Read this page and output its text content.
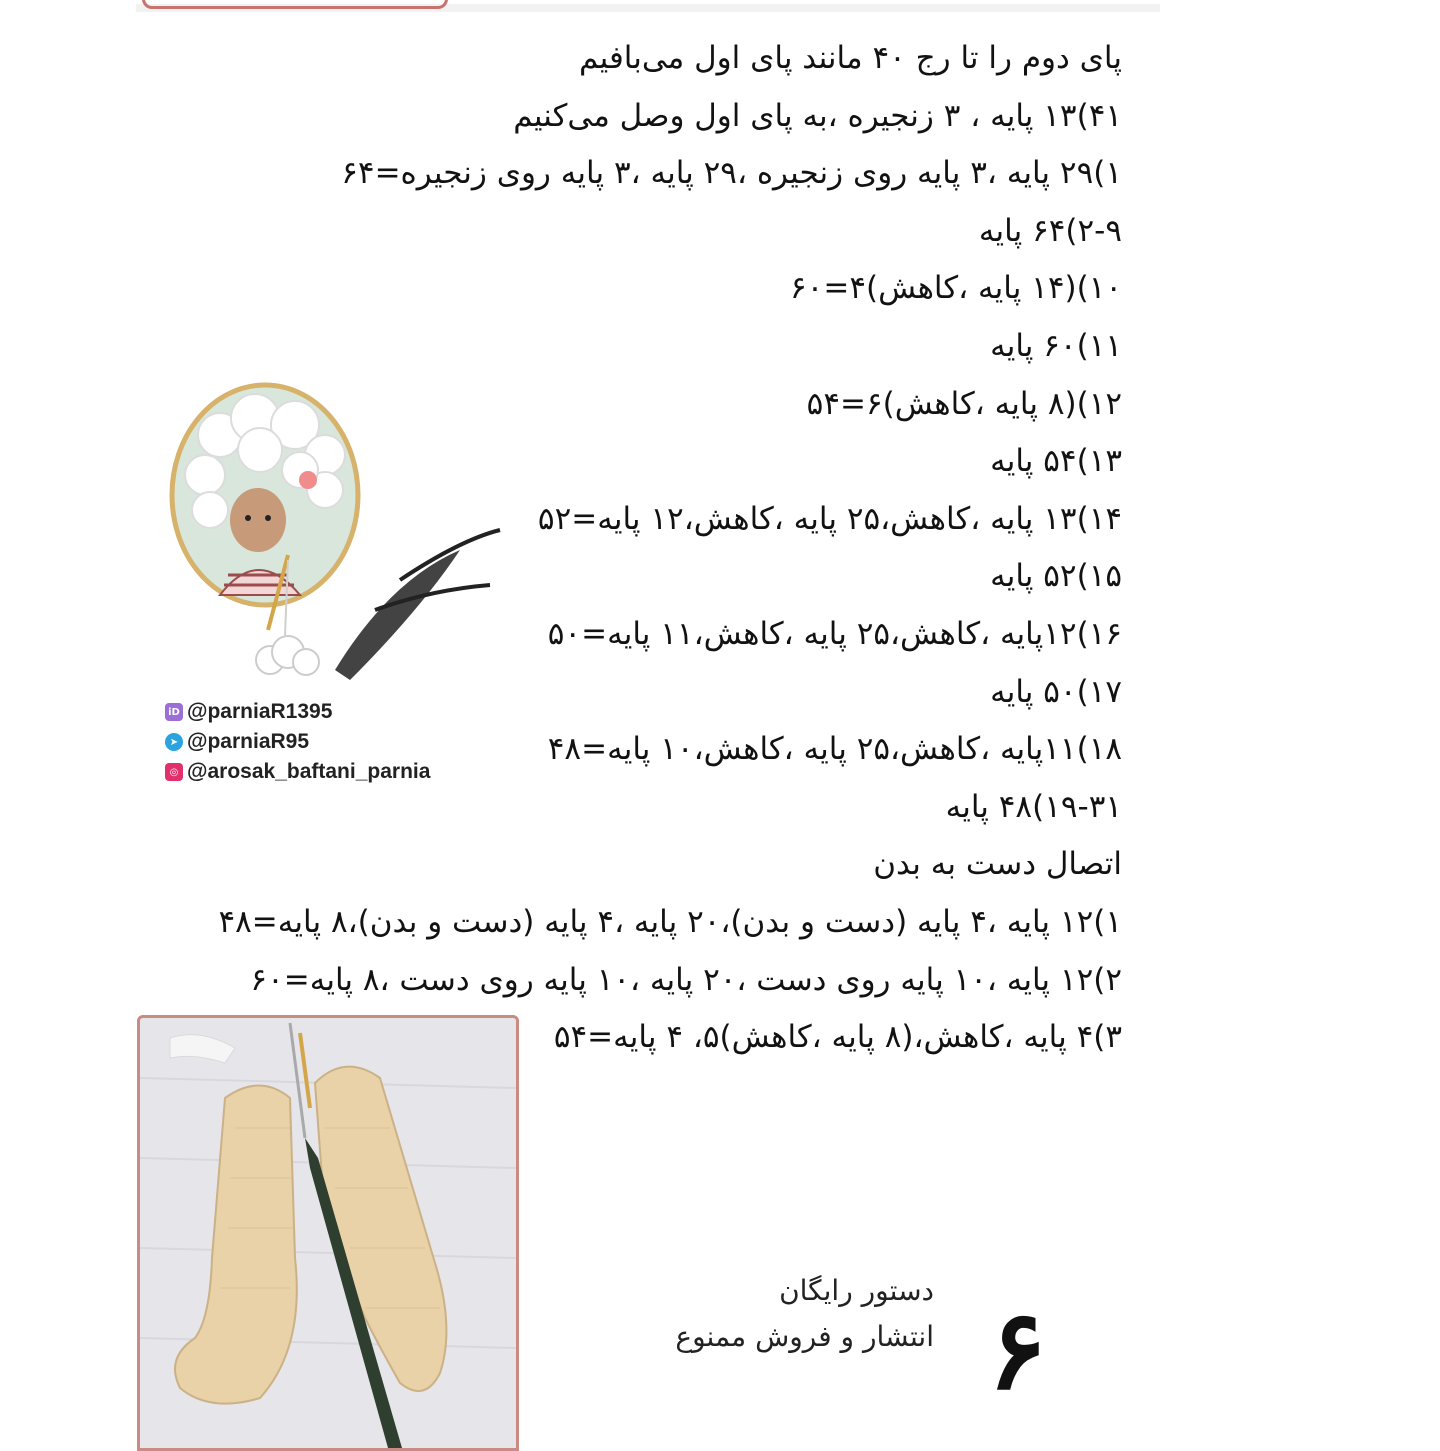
پای دوم را تا رج ۴۰ مانند پای اول می‌بافیم
۴۱)۱۳ پایه ، ۳ زنجیره ،به پای اول وصل می‌کنیم
۱)۲۹ پایه ،۳ پایه روی زنجیره ،۲۹ پایه ،۳ پایه روی زنجیره=۶۴
۲-۹)۶۴ پایه
۱۰)(۱۴ پایه ،کاهش)۴=۶۰
۱۱)۶۰ پایه
۱۲)(۸ پایه ،کاهش)۶=۵۴
۱۳)۵۴ پایه
۱۴)۱۳ پایه ،کاهش،۲۵ پایه ،کاهش،۱۲ پایه=۵۲
۱۵)۵۲ پایه
۱۶)۱۲پایه ،کاهش،۲۵ پایه ،کاهش،۱۱ پایه=۵۰
۱۷)۵۰ پایه
۱۸)۱۱پایه ،کاهش،۲۵ پایه ،کاهش،۱۰ پایه=۴۸
۱۹-۳۱)۴۸ پایه
اتصال دست به بدن
۱)۱۲ پایه ،۴ پایه (دست و بدن)،۲۰ پایه ،۴ پایه (دست و بدن)،۸ پایه=۴۸
۲)۱۲ پایه ،۱۰ پایه روی دست ،۲۰ پایه ،۱۰ پایه روی دست ،۸ پایه=۶۰
۳)۴ پایه ،کاهش،(۸ پایه ،کاهش)۵، ۴ پایه=۵۴
iD @parniaR1395
➤ @parniaR95
◎ @arosak_baftani_parnia
دستور رایگان
انتشار و فروش ممنوع ۶
